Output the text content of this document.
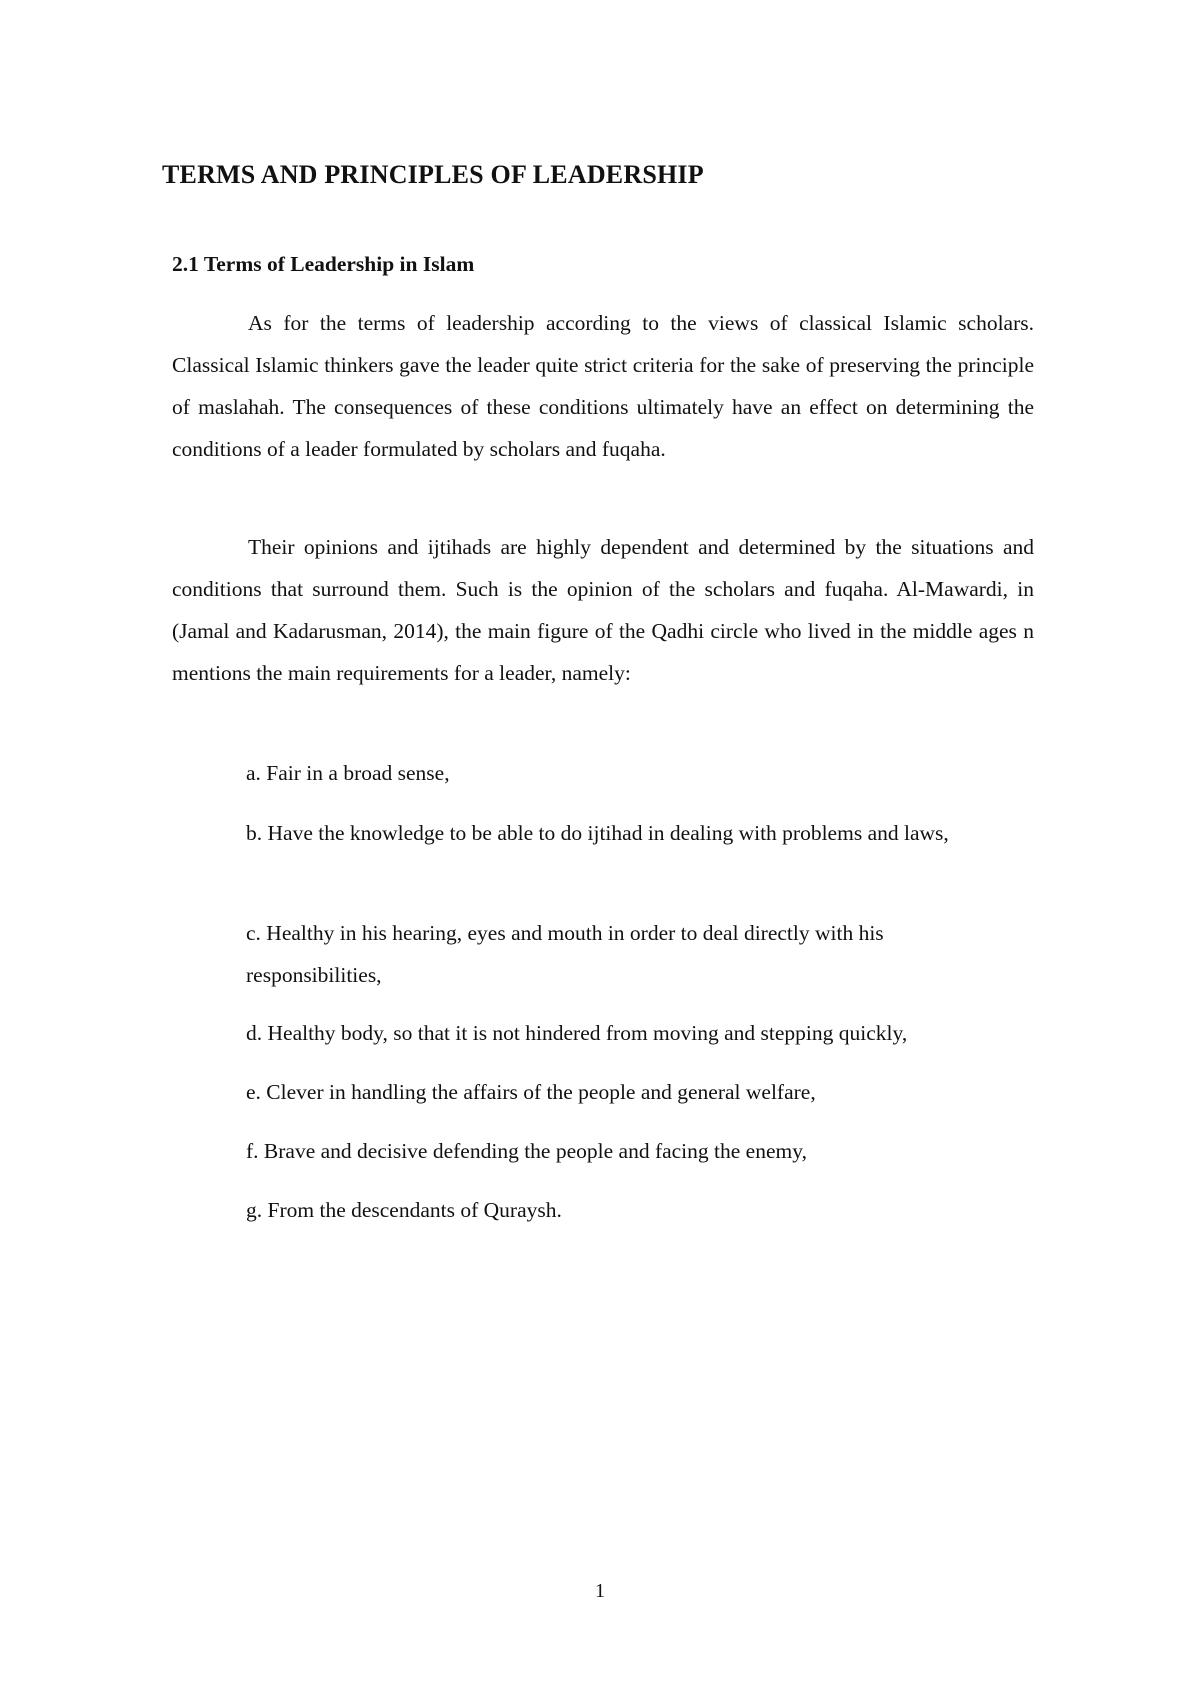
TERMS AND PRINCIPLES OF LEADERSHIP
2.1 Terms of Leadership in Islam

As for the terms of leadership according to the views of classical Islamic scholars. Classical Islamic thinkers gave the leader quite strict criteria for the sake of preserving the principle of maslahah. The consequences of these conditions ultimately have an effect on determining the conditions of a leader formulated by scholars and fuqaha.

Their opinions and ijtihads are highly dependent and determined by the situations and conditions that surround them. Such is the opinion of the scholars and fuqaha. Al-Mawardi, in (Jamal and Kadarusman, 2014), the main figure of the Qadhi circle who lived in the middle ages n mentions the main requirements for a leader, namely:

a. Fair in a broad sense,
b. Have the knowledge to be able to do ijtihad in dealing with problems and laws,
c. Healthy in his hearing, eyes and mouth in order to deal directly with his responsibilities,
d. Healthy body, so that it is not hindered from moving and stepping quickly,
e. Clever in handling the affairs of the people and general welfare,
f. Brave and decisive defending the people and facing the enemy,
g. From the descendants of Quraysh.
1
